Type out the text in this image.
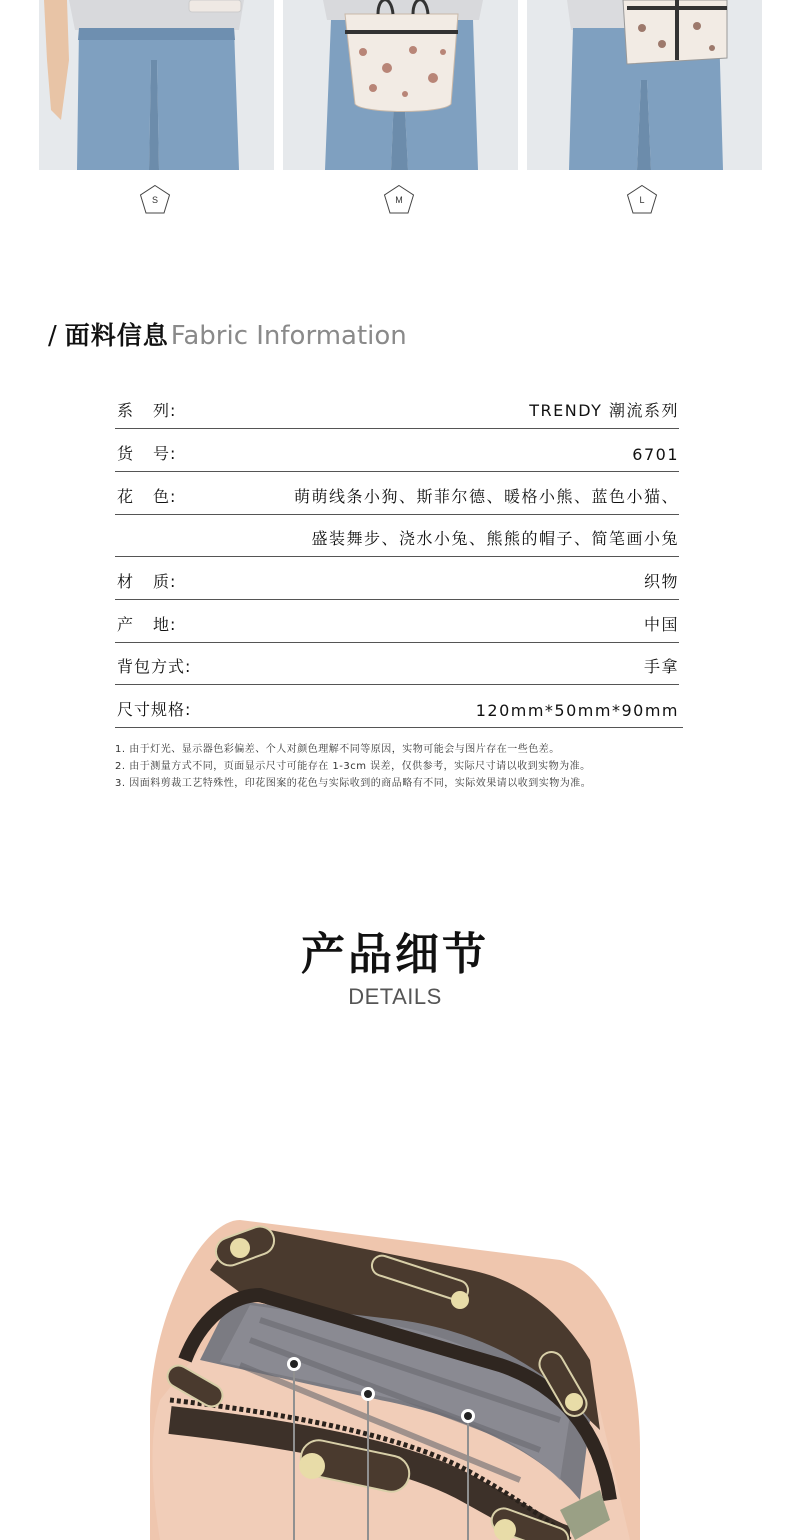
S	M	L
/ 面料信息 Fabric Information
系 列:	TRENDY 潮流系列
货 号:	6701
花 色:	萌萌线条小狗、斯菲尔德、暖格小熊、蓝色小猫、
盛装舞步、浇水小兔、熊熊的帽子、简笔画小兔
材 质:	织物
产 地:	中国
背包方式:	手拿
尺寸规格:	120mm*50mm*90mm
1. 由于灯光、显示器色彩偏差、个人对颜色理解不同等原因，实物可能会与图片存在一些色差。
2. 由于测量方式不同，页面显示尺寸可能存在 1-3cm 误差，仅供参考，实际尺寸请以收到实物为准。
3. 因面料剪裁工艺特殊性，印花图案的花色与实际收到的商品略有不同，实际效果请以收到实物为准。
产品细节
DETAILS
